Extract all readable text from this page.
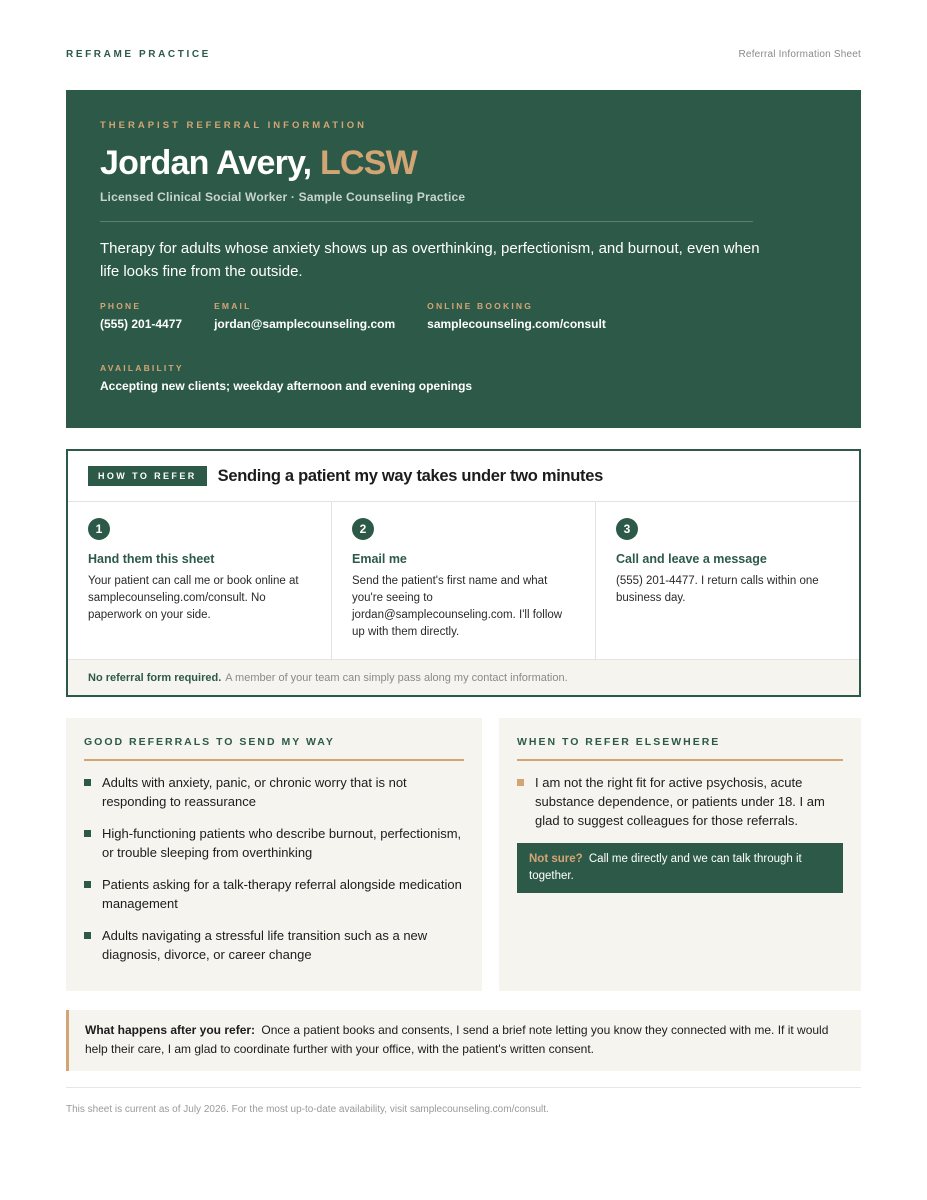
REFRAME PRACTICE	Referral Information Sheet
THERAPIST REFERRAL INFORMATION
Jordan Avery, LCSW
Licensed Clinical Social Worker · Sample Counseling Practice

Therapy for adults whose anxiety shows up as overthinking, perfectionism, and burnout, even when life looks fine from the outside.

PHONE
(555) 201-4477
EMAIL
jordan@samplecounseling.com
ONLINE BOOKING
samplecounseling.com/consult
AVAILABILITY
Accepting new clients; weekday afternoon and evening openings
HOW TO REFER	Sending a patient my way takes under two minutes
1
Hand them this sheet
Your patient can call me or book online at samplecounseling.com/consult. No paperwork on your side.
2
Email me
Send the patient's first name and what you're seeing to jordan@samplecounseling.com. I'll follow up with them directly.
3
Call and leave a message
(555) 201-4477. I return calls within one business day.
No referral form required. A member of your team can simply pass along my contact information.
GOOD REFERRALS TO SEND MY WAY
Adults with anxiety, panic, or chronic worry that is not responding to reassurance
High-functioning patients who describe burnout, perfectionism, or trouble sleeping from overthinking
Patients asking for a talk-therapy referral alongside medication management
Adults navigating a stressful life transition such as a new diagnosis, divorce, or career change
WHEN TO REFER ELSEWHERE
I am not the right fit for active psychosis, acute substance dependence, or patients under 18. I am glad to suggest colleagues for those referrals.
Not sure? Call me directly and we can talk through it together.
What happens after you refer: Once a patient books and consents, I send a brief note letting you know they connected with me. If it would help their care, I am glad to coordinate further with your office, with the patient's written consent.
This sheet is current as of July 2026. For the most up-to-date availability, visit samplecounseling.com/consult.
